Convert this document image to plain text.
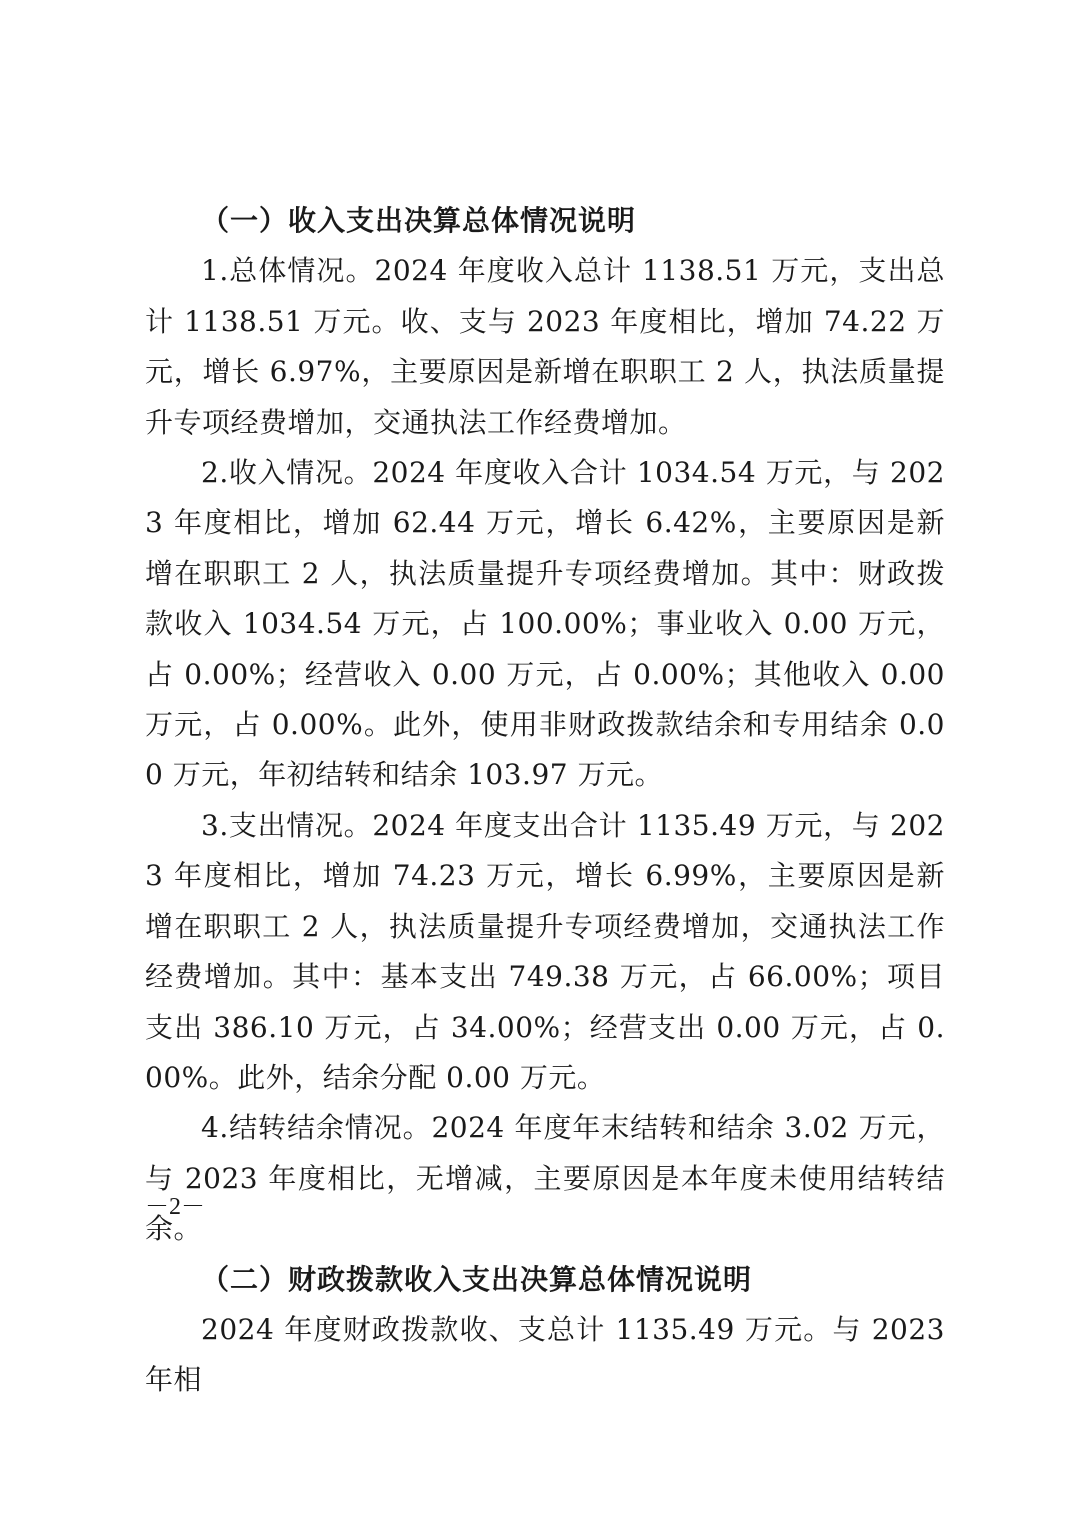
（一）收入支出决算总体情况说明

1.总体情况。2024 年度收入总计 1138.51 万元，支出总计 1138.51 万元。收、支与 2023 年度相比，增加 74.22 万元，增长 6.97%，主要原因是新增在职职工 2 人，执法质量提升专项经费增加，交通执法工作经费增加。

2.收入情况。2024 年度收入合计 1034.54 万元，与 2023 年度相比，增加 62.44 万元，增长 6.42%，主要原因是新增在职职工 2 人，执法质量提升专项经费增加。其中：财政拨款收入 1034.54 万元，占 100.00%；事业收入 0.00 万元，占 0.00%；经营收入 0.00 万元，占 0.00%；其他收入 0.00 万元，占 0.00%。此外，使用非财政拨款结余和专用结余 0.00 万元，年初结转和结余 103.97 万元。

3.支出情况。2024 年度支出合计 1135.49 万元，与 2023 年度相比，增加 74.23 万元，增长 6.99%，主要原因是新增在职职工 2 人，执法质量提升专项经费增加，交通执法工作经费增加。其中：基本支出 749.38 万元，占 66.00%；项目支出 386.10 万元，占 34.00%；经营支出 0.00 万元，占 0.00%。此外，结余分配 0.00 万元。

4.结转结余情况。2024 年度年末结转和结余 3.02 万元，与 2023 年度相比，无增减，主要原因是本年度未使用结转结余。

（二）财政拨款收入支出决算总体情况说明

2024 年度财政拨款收、支总计 1135.49 万元。与 2023 年相

－2－
